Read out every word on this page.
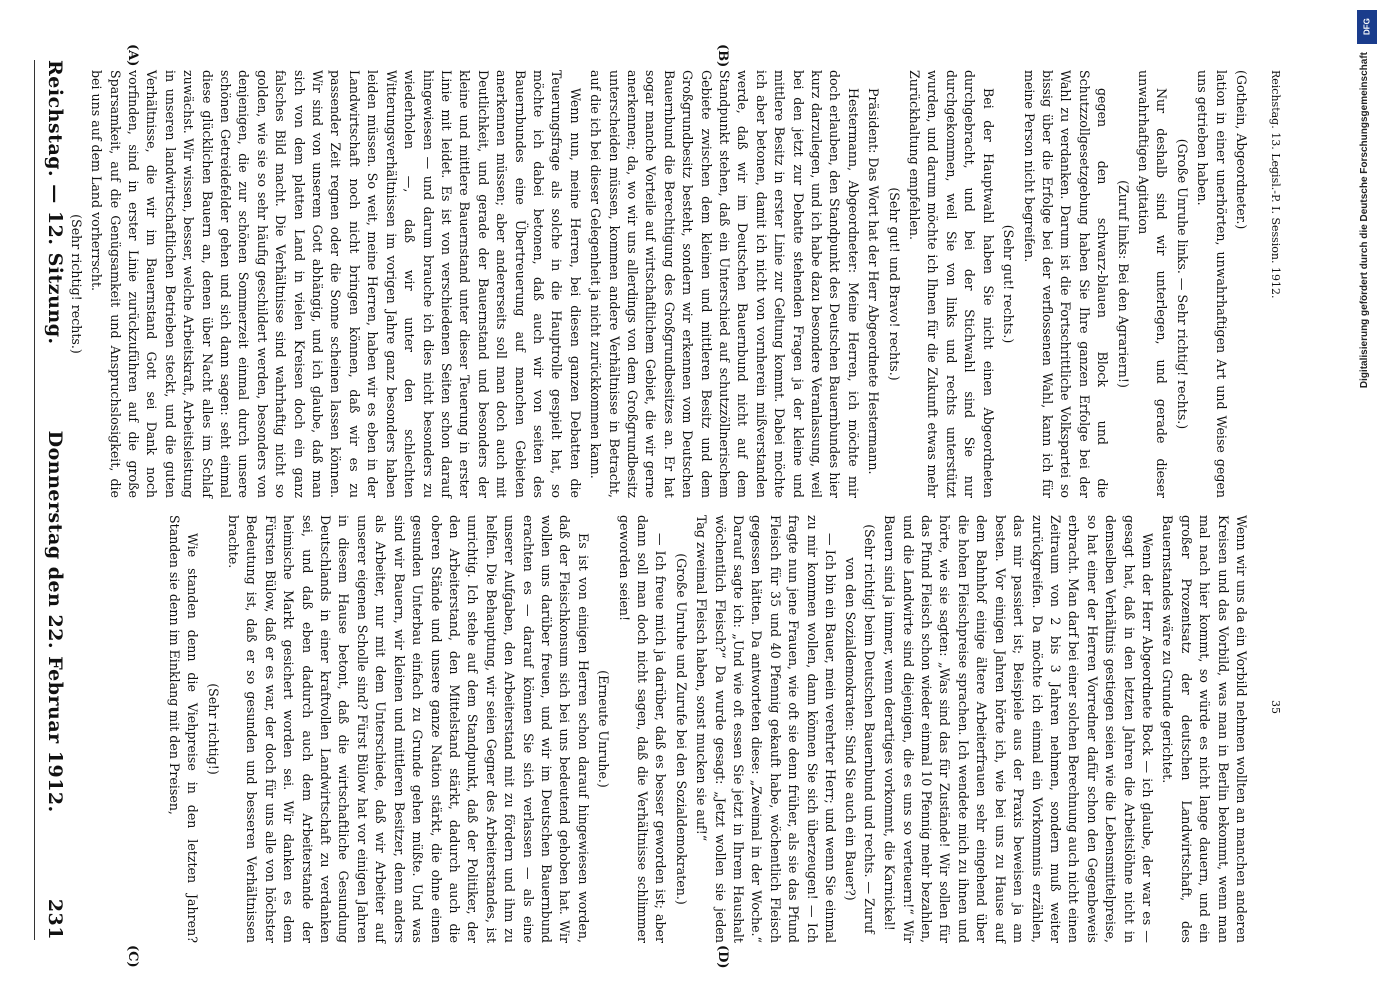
Reichstag. — 12. Sitzung.
Donnerstag den 22. Februar 1912.
231

(Gothein, Abgeordneter.)

lation in einer unerhörten, unwahrhaftigen Art und Weise gegen uns getrieben haben.

(Große Unruhe links. — Sehr richtig! rechts.)

Nur deshalb sind wir unterlegen, und gerade dieser unwahrhaftigen Agitation

(Zuruf links: Bei den Agrariern!)

gegen den schwarz-blauen Block und die Schutzzollgesetzgebung haben Sie Ihre ganzen Erfolge bei der Wahl zu verdanken. Darum ist die Fortschrittliche Volkspartei so bissig über die Erfolge bei der verflossenen Wahl, kann ich für meine Person nicht begreifen.

(Sehr gut! rechts.)

Bei der Hauptwahl haben Sie nicht einen Abgeordneten durchgebracht, und bei der Stichwahl sind Sie nur durchgekommen, weil Sie von links und rechts unterstützt wurden, und darum möchte ich Ihnen für die Zukunft etwas mehr Zurückhaltung empfehlen.

(Sehr gut! und Bravo! rechts.)

Präsident: Das Wort hat der Herr Abgeordnete Hestermann.

Hestermann, Abgeordneter: Meine Herren, ich möchte mir doch erlauben, den Standpunkt des Deutschen Bauernbundes hier kurz darzulegen, und ich habe dazu besondere Veranlassung, weil bei den jetzt zur Debatte stehenden Fragen ja der kleine und mittlere Besitz in erster Linie zur Geltung kommt. Dabei möchte ich aber betonen, damit ich nicht von vornherein mißverstanden werde, daß wir im Deutschen Bauernbund nicht auf dem Standpunkt stehen, daß ein Unterschied auf schutzzöllnerischem Gebiete zwischen dem kleinen und mittleren Besitz und dem Großgrundbesitz besteht, sondern wir erkennen vom Deutschen Bauernbund die Berechtigung des Großgrundbesitzes an. Er hat sogar manche Vorteile auf wirtschaftlichem Gebiet, die wir gerne anerkennen; da, wo wir uns allerdings von dem Großgrundbesitz unterscheiden müssen, kommen andere Verhältnisse in Betracht, auf die ich bei dieser Gelegenheit ja nicht zurückkommen kann.

Wenn nun, meine Herren, bei diesen ganzen Debatten die Teuerungsfrage als solche in die Hauptrolle gespielt hat, so möchte ich dabei betonen, daß auch wir von seiten des Bauernbundes eine Übertreuerung auf manchen Gebieten anerkennen müssen; aber andererseits soll man doch auch mit Deutlichkeit, und gerade der Bauernstand und besonders der kleine und mittlere Bauernstand unter dieser Teuerung in erster Linie mit leidet. Es ist von verschiedenen Seiten schon darauf hingewiesen — und darum brauche ich dies nicht besonders zu wiederholen —, daß wir unter den schlechten Witterungsverhältnissen im vorigen Jahre ganz besonders haben leiden müssen. So weit, meine Herren, haben wir es eben in der Landwirtschaft noch nicht bringen können, daß wir es zu passender Zeit regnen oder die Sonne scheinen lassen können. Wir sind von unserem Gott abhängig, und ich glaube, daß man sich von dem platten Land in vielen Kreisen doch ein ganz falsches Bild macht. Die Verhältnisse sind wahrhaftig nicht so golden, wie sie so sehr häufig geschildert werden, besonders von denjenigen, die zur schönen Sommerzeit einmal durch unsere schönen Getreidefelder gehen und sich dann sagen: seht einmal diese glücklichen Bauern an, denen über Nacht alles im Schlaf zuwächst. Wir wissen, besser, welche Arbeitskraft, Arbeitsleistung in unseren landwirtschaftlichen Betrieben steckt, und die guten Verhältnisse, die wir im Bauernstand Gott sei Dank noch vorfinden, sind in erster Linie zurückzuführen auf die große Sparsamkeit, auf die Genügsamkeit und Anspruchslosigkeit, die bei uns auf dem Land vorherrscht.

(Sehr richtig! rechts.)

Wenn wir uns da ein Vorbild nehmen wollten an manchen anderen Kreisen und das Vorbild, was man in Berlin bekommt, wenn man mal nach hier kommt, so würde es nicht lange dauern, und ein großer Prozentsatz der deutschen Landwirtschaft, des Bauernstandes wäre zu Grunde gerichtet.

Wenn der Herr Abgeordnete Bock — ich glaube, der war es — gesagt hat, daß in den letzten Jahren die Arbeitslöhne nicht in demselben Verhältnis gestiegen seien wie die Lebensmittelpreise, so hat einer der Herren Vorredner dafür schon den Gegenbeweis erbracht. Man darf bei einer solchen Berechnung auch nicht einen Zeitraum von 2 bis 3 Jahren nehmen, sondern muß weiter zurückgreifen. Da möchte ich einmal ein Vorkommnis erzählen, das mir passiert ist; Beispiele aus der Praxis beweisen ja am besten. Vor einigen Jahren hörte ich, wie bei uns zu Hause auf dem Bahnhof einige ältere Arbeiterfrauen sehr eingehend über die hohen Fleischpreise sprachen. Ich wendete mich zu ihnen und hörte, wie sie sagten: „Was sind das für Zustände! Wir sollen für das Pfund Fleisch schon wieder einmal 10 Pfennig mehr bezahlen, und die Landwirte sind diejenigen, die es uns so verteuern!“ Wir Bauern sind ja immer, wenn derartiges vorkommt, die Karnickel!

(Sehr richtig! beim Deutschen Bauernbund und rechts. — Zuruf von den Sozialdemokraten: Sind Sie auch ein Bauer?)

— Ich bin ein Bauer, mein verehrter Herr; und wenn Sie einmal zu mir kommen wollen, dann können Sie sich überzeugen! — Ich fragte nun jene Frauen, wie oft sie denn früher, als sie das Pfund Fleisch für 35 und 40 Pfennig gekauft habe, wöchentlich Fleisch gegessen hätten. Da antworteten diese: „Zweimal in der Woche.“ Darauf sagte ich: „Und wie oft essen Sie jetzt in Ihrem Haushalt wöchentlich Fleisch?“ Da wurde gesagt: „Jetzt wollen sie jeden Tag zweimal Fleisch haben, sonst mucken sie auf!“

(Große Unruhe und Zurufe bei den Sozialdemokraten.)

— Ich freue mich ja darüber, daß es besser geworden ist; aber dann soll man doch nicht sagen, daß die Verhältnisse schlimmer geworden seien!

(Erneute Unruhe.)

Es ist von einigen Herren schon darauf hingewiesen worden, daß der Fleischkonsum sich bei uns bedeutend gehoben hat. Wir wollen uns darüber freuen, und wir im Deutschen Bauernbund erachten es — darauf können Sie sich verlassen — als eine unserer Aufgaben, den Arbeiterstand mit zu fördern und ihm zu helfen. Die Behauptung, wir seien Gegner des Arbeiterstandes, ist unrichtig. Ich stehe auf dem Standpunkt, daß der Politiker, der den Arbeiterstand, den Mittelstand stärkt, dadurch auch die oberen Stände und unsere ganze Nation stärkt, die ohne einen gesunden Unterbau einfach zu Grunde gehen müßte. Und was sind wir Bauern, wir kleinen und mittleren Besitzer, denn anders als Arbeiter, nur mit dem Unterschiede, daß wir Arbeiter auf unserer eigenen Scholle sind? Fürst Bülow hat vor einigen Jahren in diesem Hause betont, daß die wirtschaftliche Gesundung Deutschlands in einer kraftvollen Landwirtschaft zu verdanken sei, und daß eben dadurch auch dem Arbeiterstande der heimische Markt gesichert worden sei. Wir danken es dem Fürsten Bülow, daß er es war, der doch für uns alle von höchster Bedeutung ist, daß er so gesunden und besseren Verhältnissen brachte.

(Sehr richtig!)

Wie standen denn die Viehpreise in den letzten Jahren? Standen sie denn im Einklang mit den Preisen,

(A)	(B)
(C)	(D)
Reichstag. 13. Legisl.-P. I. Session. 1912.
35
DFG
Digitalisierung gefördert durch die Deutsche Forschungsgemeinschaft
